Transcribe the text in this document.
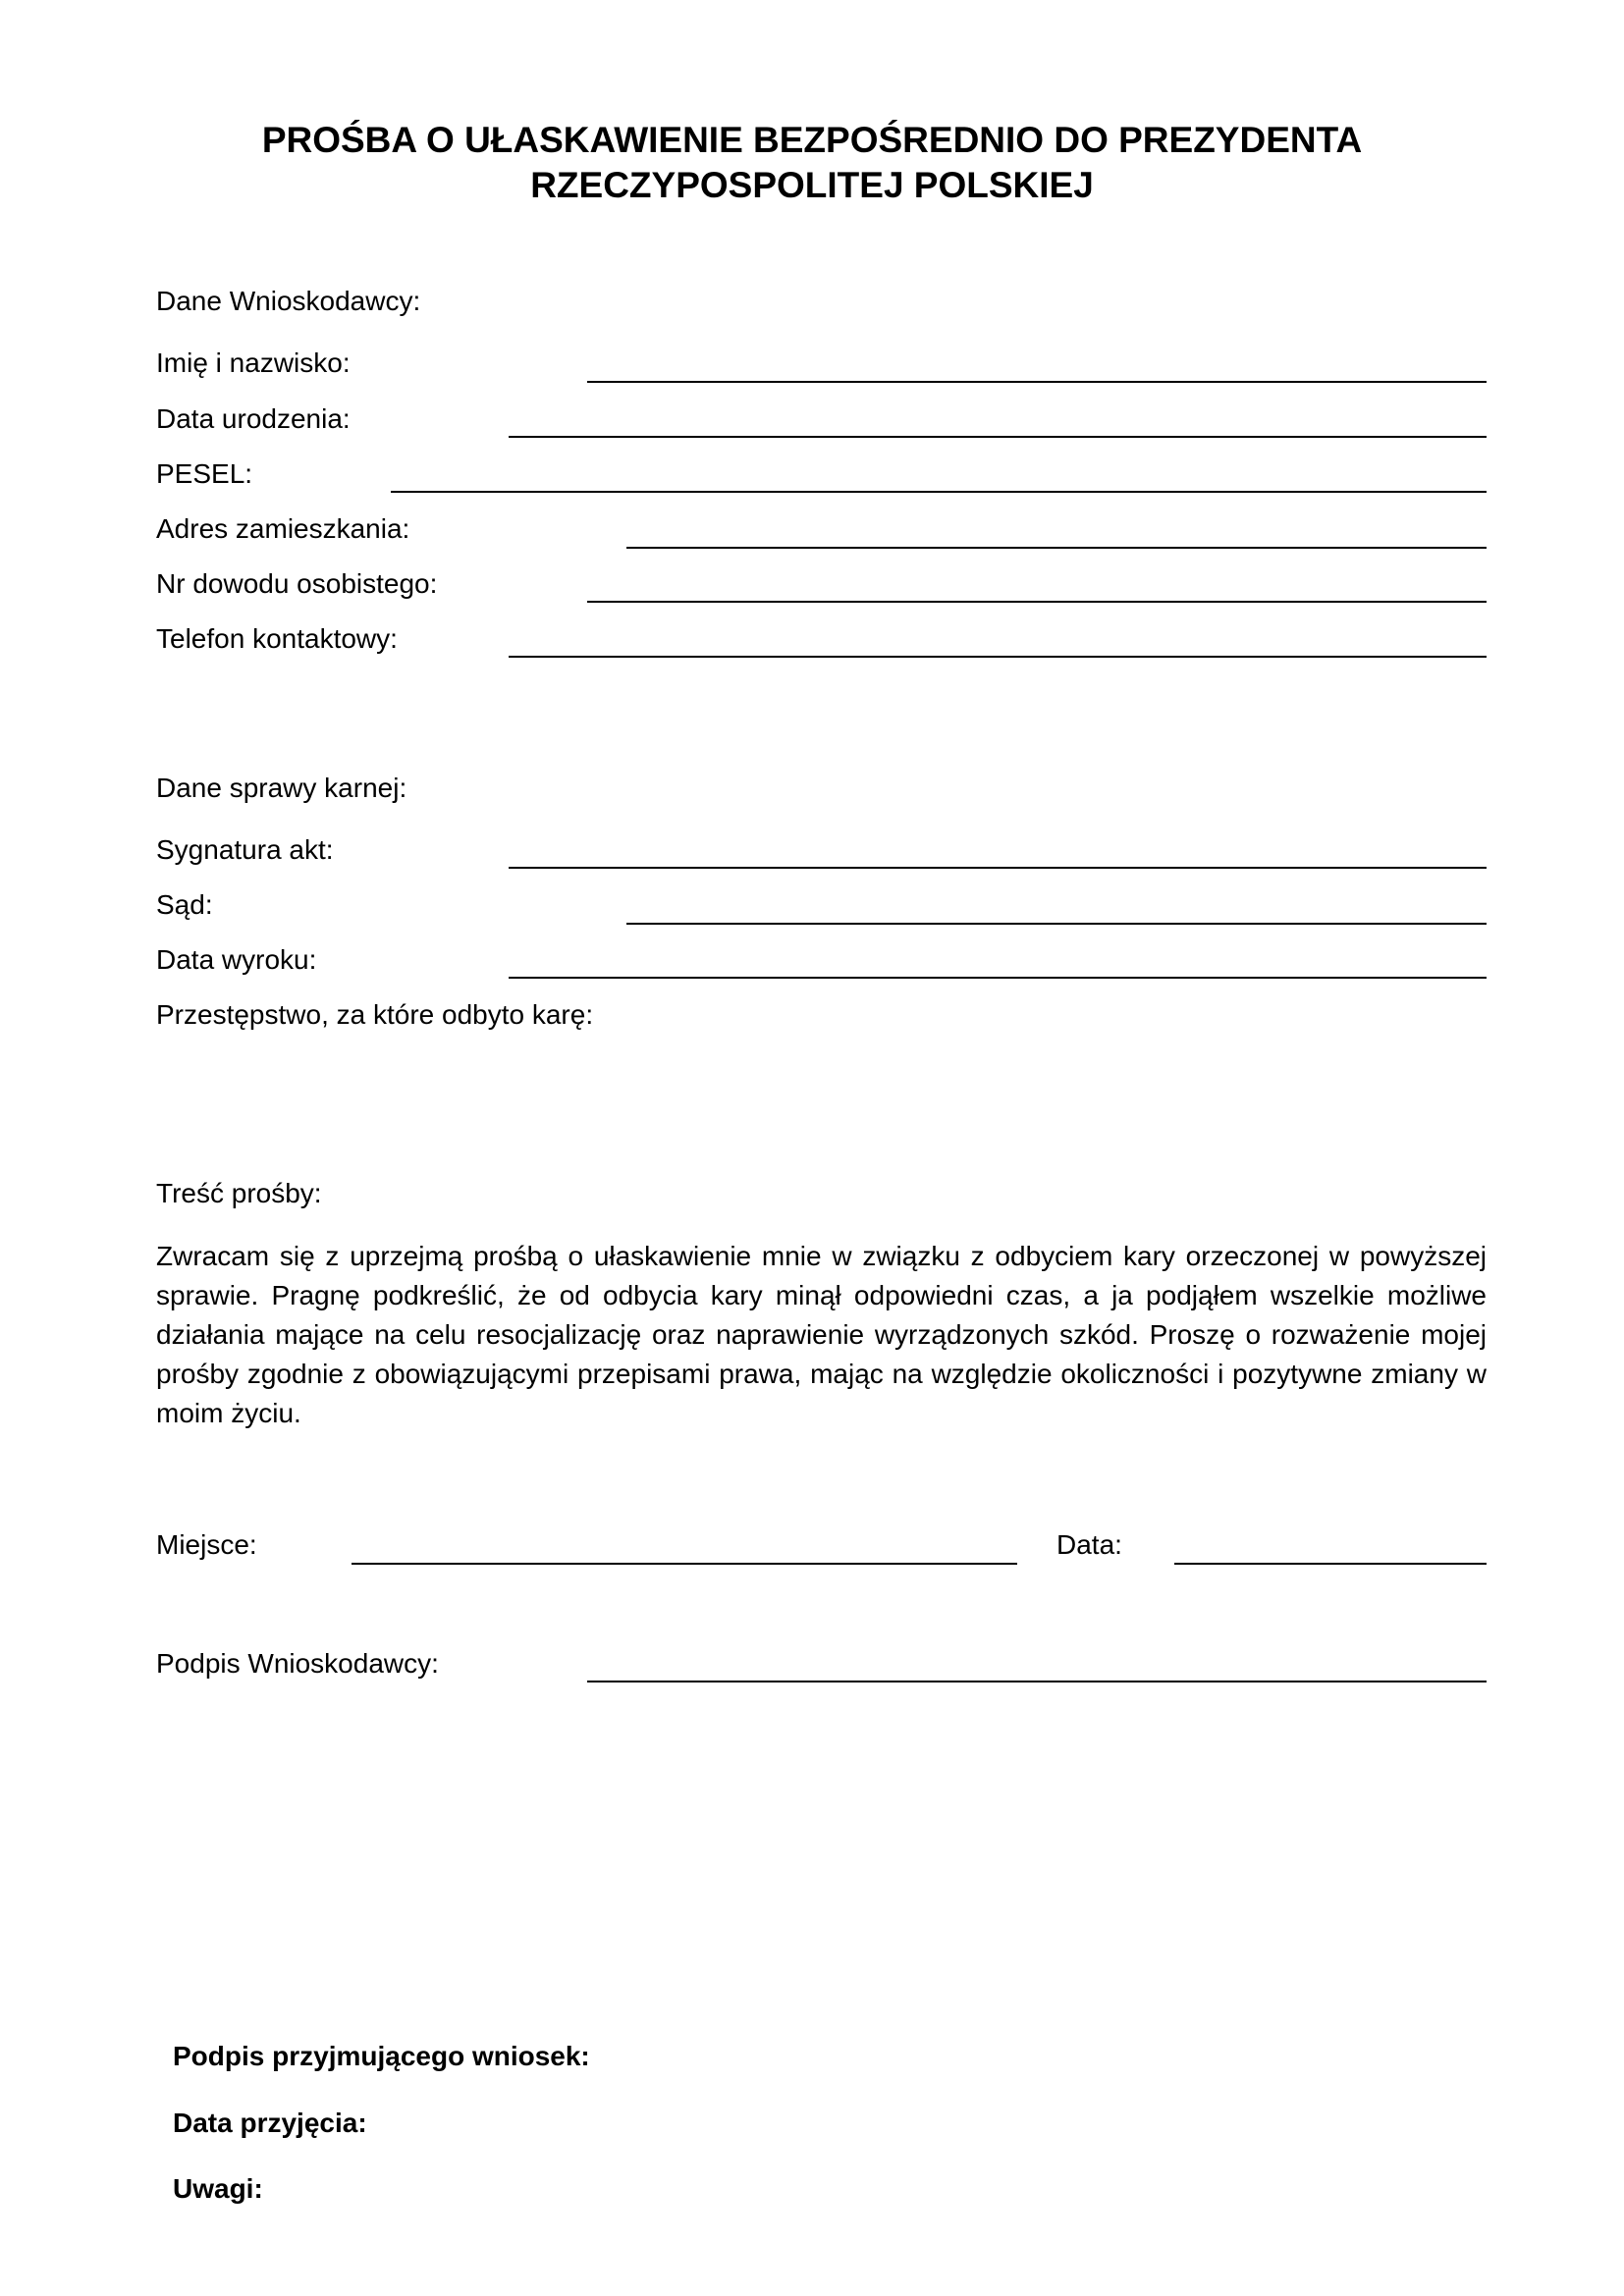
PROŚBA O UŁASKAWIENIE BEZPOŚREDNIO DO PREZYDENTA
RZECZYPOSPOLITEJ POLSKIEJ
Dane Wnioskodawcy:
Imię i nazwisko:
Data urodzenia:
PESEL:
Adres zamieszkania:
Nr dowodu osobistego:
Telefon kontaktowy:
Dane sprawy karnej:
Sygnatura akt:
Sąd:
Data wyroku:
Przestępstwo, za które odbyto karę:
Treść prośby:
Zwracam się z uprzejmą prośbą o ułaskawienie mnie w związku z odbyciem kary orzeczonej w powyższej sprawie. Pragnę podkreślić, że od odbycia kary minął odpowiedni czas, a ja podjąłem wszelkie możliwe działania mające na celu resocjalizację oraz naprawienie wyrządzonych szkód. Proszę o rozważenie mojej prośby zgodnie z obowiązującymi przepisami prawa, mając na względzie okoliczności i pozytywne zmiany w moim życiu.
Miejsce:	Data:
Podpis Wnioskodawcy:
Podpis przyjmującego wniosek:
Data przyjęcia:
Uwagi:
